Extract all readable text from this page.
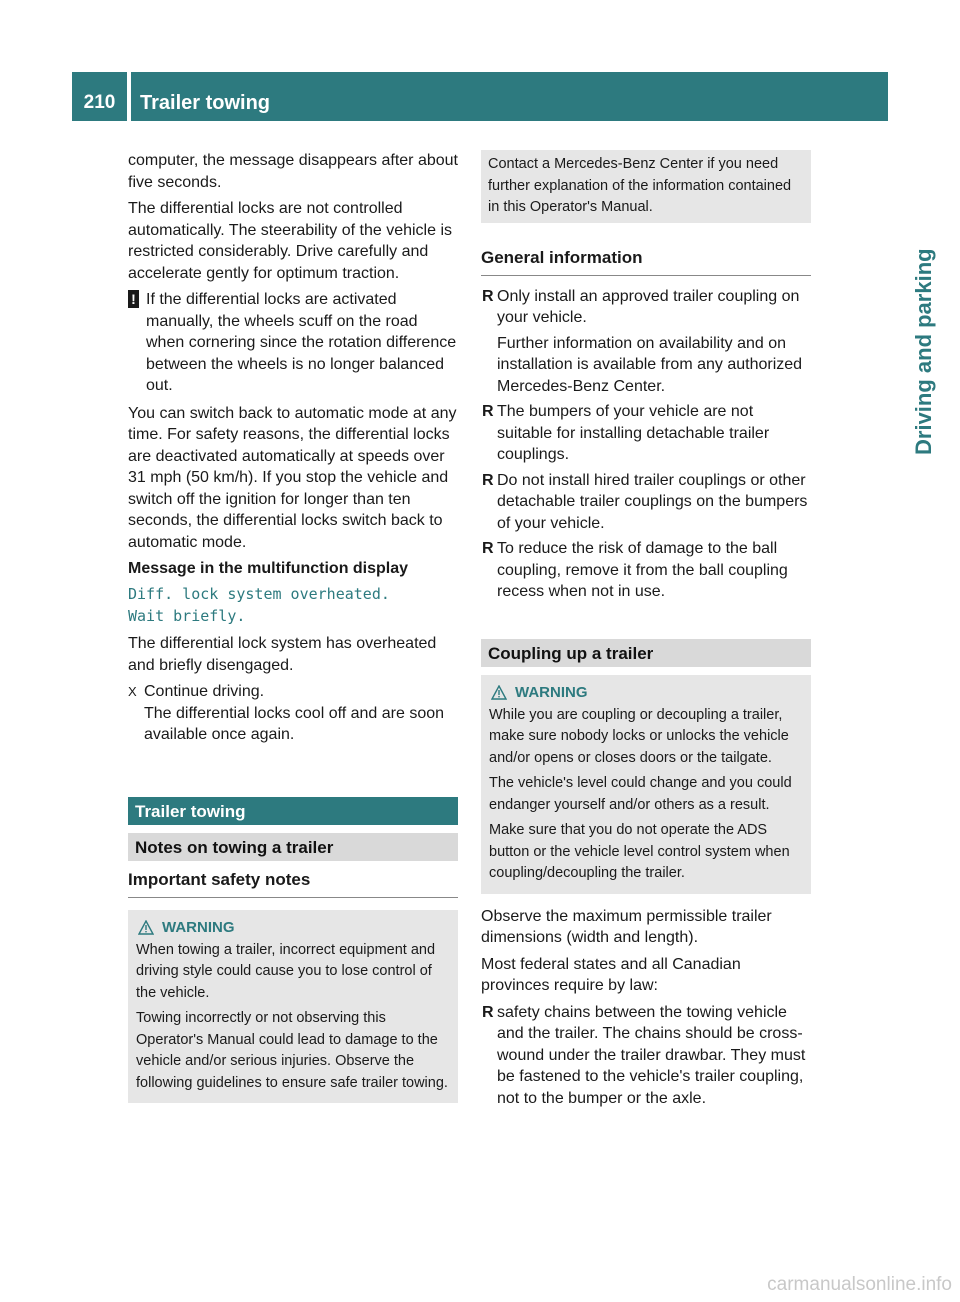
210	Trailer towing
Driving and parking

computer, the message disappears after about five seconds.

The differential locks are not controlled automatically. The steerability of the vehicle is restricted considerably. Drive carefully and accelerate gently for optimum traction.

! If the differential locks are activated manually, the wheels scuff on the road when cornering since the rotation difference between the wheels is no longer balanced out.

You can switch back to automatic mode at any time. For safety reasons, the differential locks are deactivated automatically at speeds over 31 mph (50 km/h). If you stop the vehicle and switch off the ignition for longer than ten seconds, the differential locks switch back to automatic mode.

Message in the multifunction display
Diff. lock system overheated.
Wait briefly.

The differential lock system has overheated and briefly disengaged.

X Continue driving.

The differential locks cool off and are soon available once again.

Trailer towing
Notes on towing a trailer
Important safety notes
WARNING

When towing a trailer, incorrect equipment and driving style could cause you to lose control of the vehicle.

Towing incorrectly or not observing this Operator's Manual could lead to damage to the vehicle and/or serious injuries. Observe the following guidelines to ensure safe trailer towing.

Contact a Mercedes-Benz Center if you need further explanation of the information contained in this Operator's Manual.

General information
R Only install an approved trailer coupling on your vehicle.
Further information on availability and on installation is available from any authorized Mercedes-Benz Center.
R The bumpers of your vehicle are not suitable for installing detachable trailer couplings.
R Do not install hired trailer couplings or other detachable trailer couplings on the bumpers of your vehicle.
R To reduce the risk of damage to the ball coupling, remove it from the ball coupling recess when not in use.
Coupling up a trailer
WARNING

While you are coupling or decoupling a trailer, make sure nobody locks or unlocks the vehicle and/or opens or closes doors or the tailgate.

The vehicle's level could change and you could endanger yourself and/or others as a result.

Make sure that you do not operate the ADS button or the vehicle level control system when coupling/decoupling the trailer.

Observe the maximum permissible trailer dimensions (width and length).

Most federal states and all Canadian provinces require by law:

R safety chains between the towing vehicle and the trailer. The chains should be cross-wound under the trailer drawbar. They must be fastened to the vehicle's trailer coupling, not to the bumper or the axle.
carmanualsonline.info
